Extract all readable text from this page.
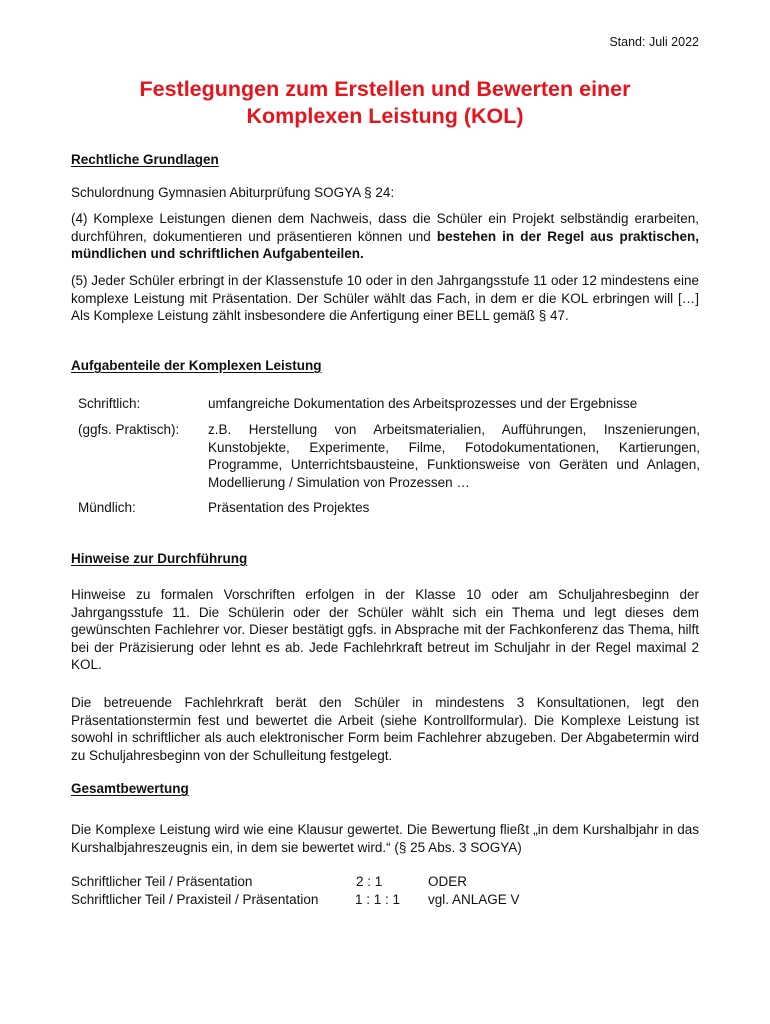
Stand: Juli 2022
Festlegungen zum Erstellen und Bewerten einer
Komplexen Leistung (KOL)
Rechtliche Grundlagen

Schulordnung Gymnasien Abiturprüfung SOGYA § 24:

(4) Komplexe Leistungen dienen dem Nachweis, dass die Schüler ein Projekt selbständig erarbeiten, durchführen, dokumentieren und präsentieren können und bestehen in der Regel aus praktischen, mündlichen und schriftlichen Aufgabenteilen.

(5) Jeder Schüler erbringt in der Klassenstufe 10 oder in den Jahrgangsstufe 11 oder 12 mindestens eine komplexe Leistung mit Präsentation. Der Schüler wählt das Fach, in dem er die KOL erbringen will […] Als Komplexe Leistung zählt insbesondere die Anfertigung einer BELL gemäß § 47.

Aufgabenteile der Komplexen Leistung
Schriftlich:	umfangreiche Dokumentation des Arbeitsprozesses und der Ergebnisse
(ggfs. Praktisch): z.B. Herstellung von Arbeitsmaterialien, Aufführungen, Inszenierungen, Kunstobjekte, Experimente, Filme, Fotodokumentationen, Kartierungen, Programme, Unterrichtsbausteine, Funktionsweise von Geräten und Anlagen, Modellierung / Simulation von Prozessen …
Mündlich:	Präsentation des Projektes
Hinweise zur Durchführung

Hinweise zu formalen Vorschriften erfolgen in der Klasse 10 oder am Schuljahresbeginn der Jahrgangsstufe 11. Die Schülerin oder der Schüler wählt sich ein Thema und legt dieses dem gewünschten Fachlehrer vor. Dieser bestätigt ggfs. in Absprache mit der Fachkonferenz das Thema, hilft bei der Präzisierung oder lehnt es ab. Jede Fachlehrkraft betreut im Schuljahr in der Regel maximal 2 KOL.

Die betreuende Fachlehrkraft berät den Schüler in mindestens 3 Konsultationen, legt den Präsentationstermin fest und bewertet die Arbeit (siehe Kontrollformular). Die Komplexe Leistung ist sowohl in schriftlicher als auch elektronischer Form beim Fachlehrer abzugeben. Der Abgabetermin wird zu Schuljahresbeginn von der Schulleitung festgelegt.

Gesamtbewertung

Die Komplexe Leistung wird wie eine Klausur gewertet. Die Bewertung fließt „in dem Kurshalbjahr in das Kurshalbjahreszeugnis ein, in dem sie bewertet wird.“ (§ 25 Abs. 3 SOGYA)

Schriftlicher Teil / Präsentation	2 : 1	ODER
Schriftlicher Teil / Praxisteil / Präsentation	1 : 1 : 1 vgl. ANLAGE V
